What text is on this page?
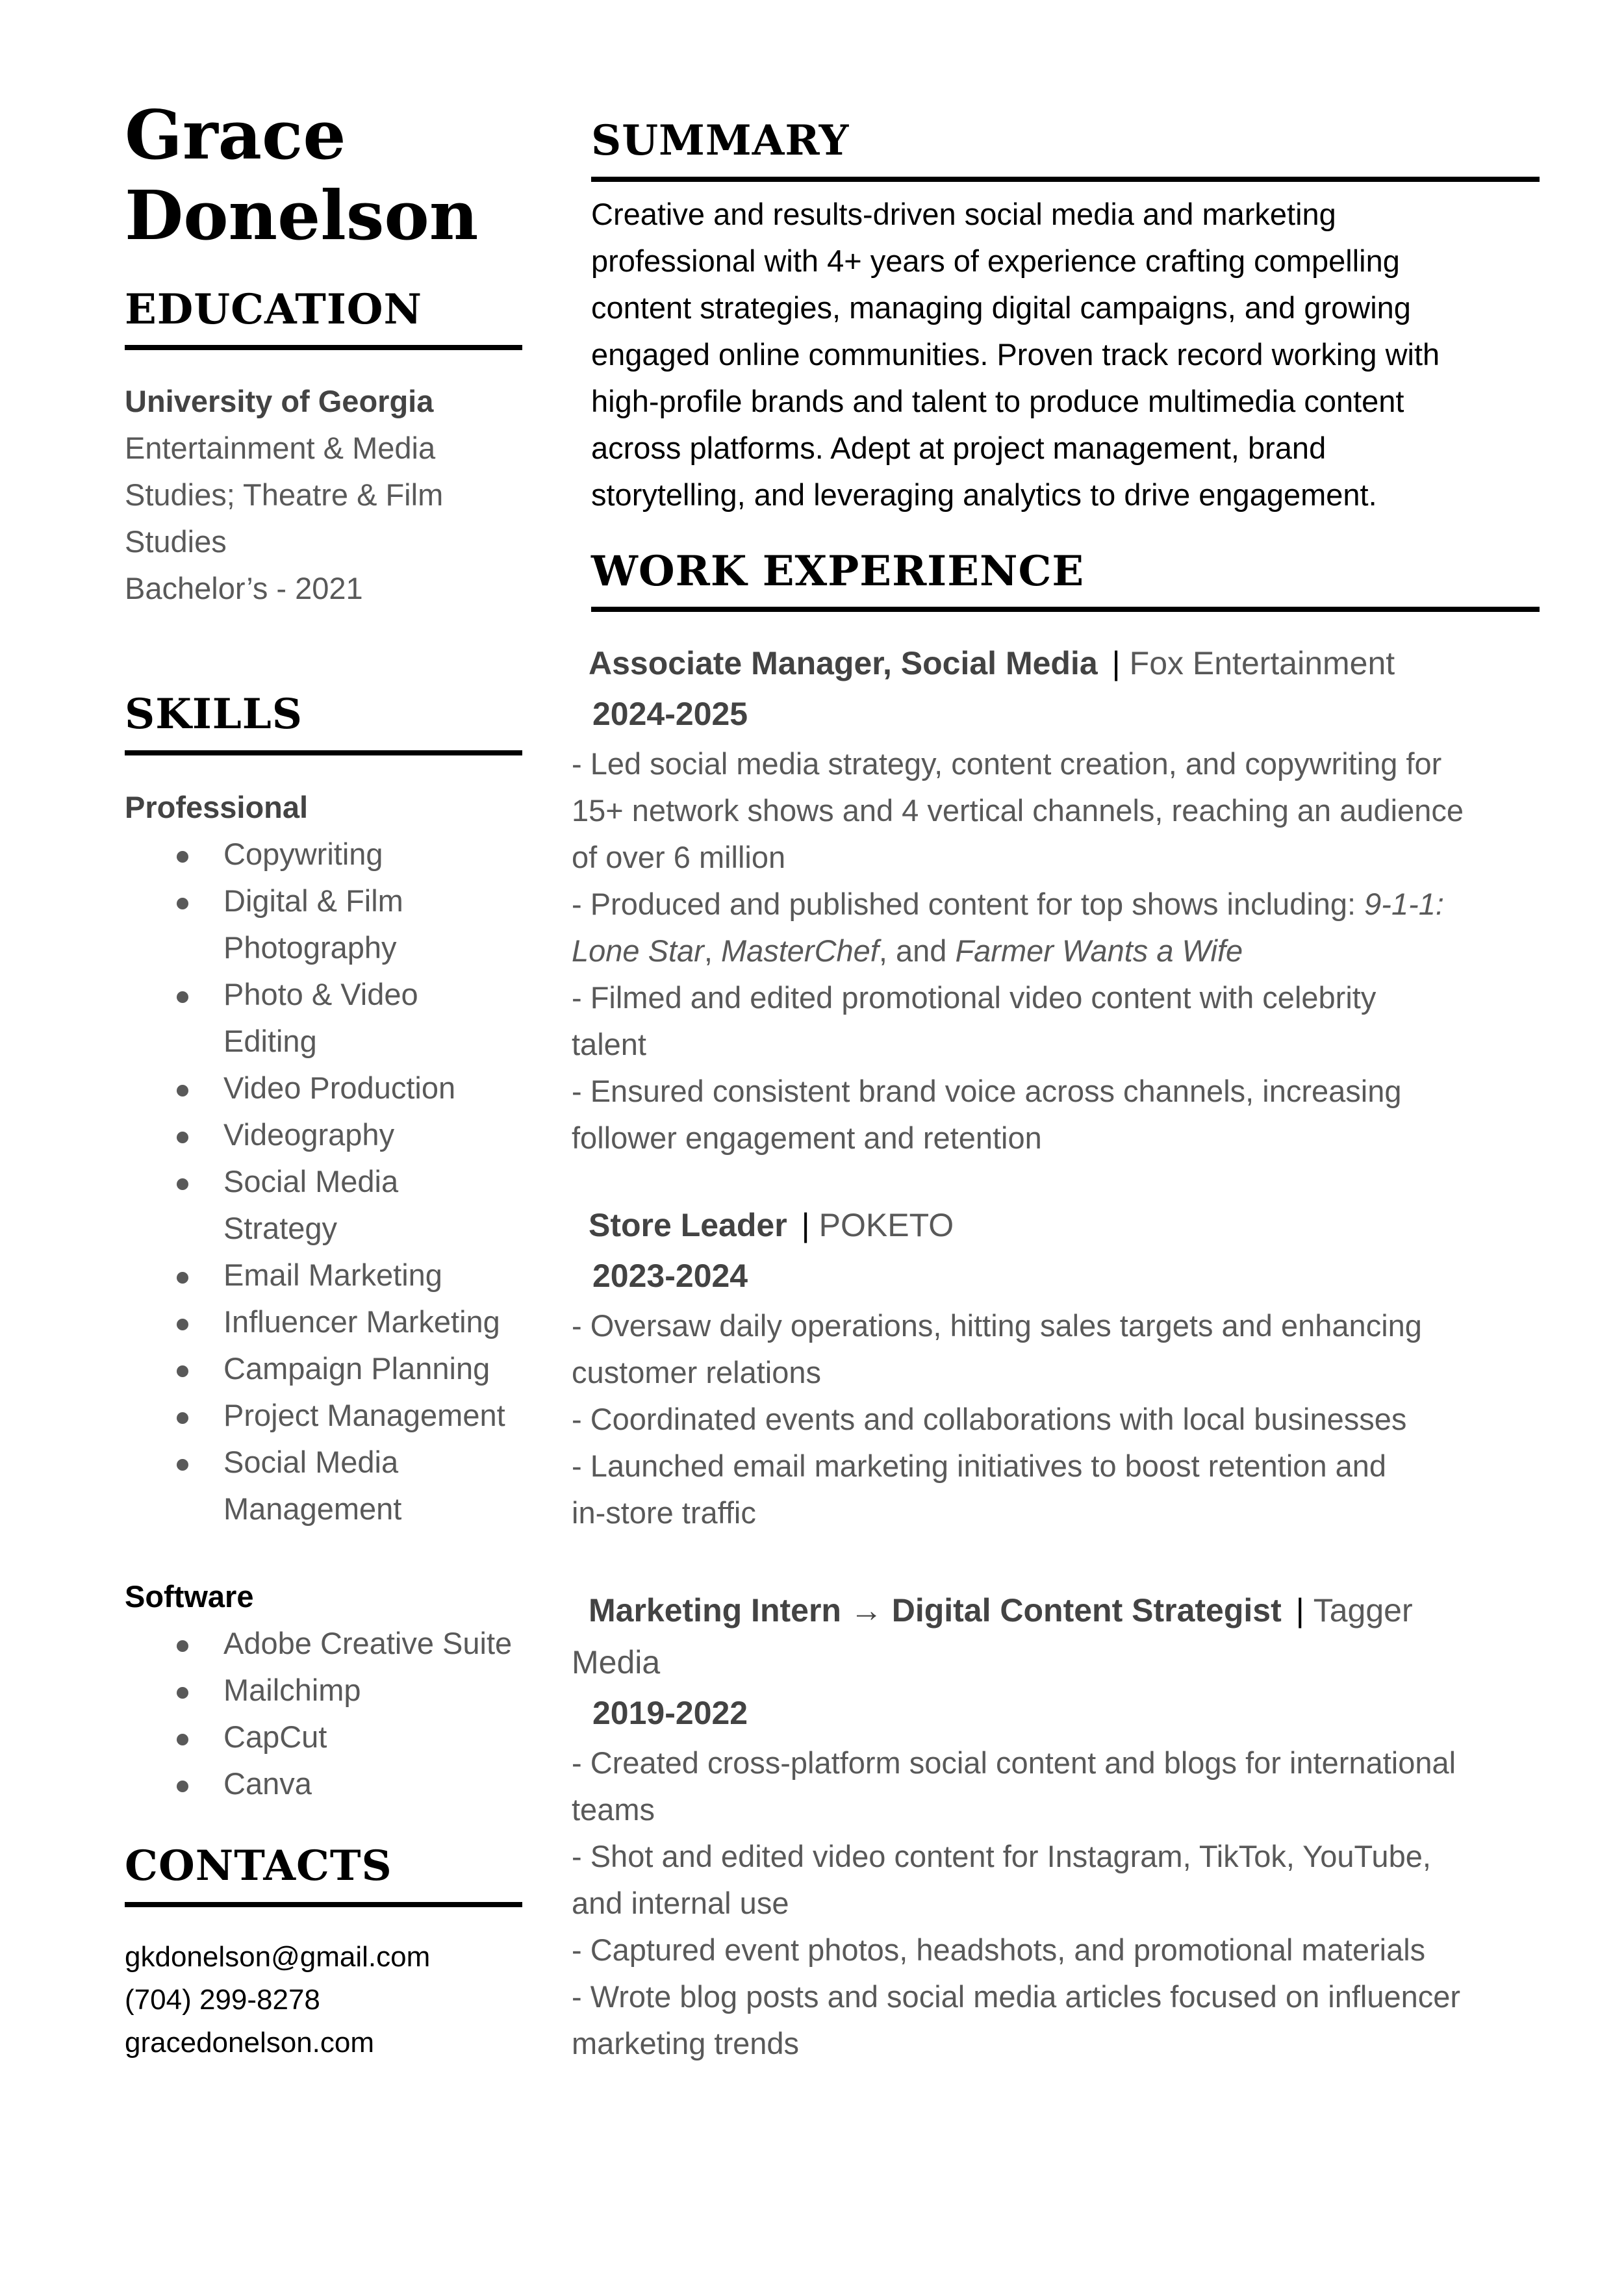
Grace
Donelson
EDUCATION
University of Georgia
Entertainment & Media
Studies; Theatre & Film
Studies
Bachelor’s - 2021
SKILLS
Professional
Copywriting
Digital & Film
Photography
Photo & Video
Editing
Video Production
Videography
Social Media
Strategy
Email Marketing
Influencer Marketing
Campaign Planning
Project Management
Social Media
Management
Software
Adobe Creative Suite
Mailchimp
CapCut
Canva
CONTACTS
gkdonelson@gmail.com
(704) 299-8278
gracedonelson.com
SUMMARY
Creative and results-driven social media and marketing
professional with 4+ years of experience crafting compelling
content strategies, managing digital campaigns, and growing
engaged online communities. Proven track record working with
high-profile brands and talent to produce multimedia content
across platforms. Adept at project management, brand
storytelling, and leveraging analytics to drive engagement.
WORK EXPERIENCE
Associate Manager, Social Media | Fox Entertainment
2024-2025
- Led social media strategy, content creation, and copywriting for
15+ network shows and 4 vertical channels, reaching an audience
of over 6 million
- Produced and published content for top shows including: 9-1-1:
Lone Star, MasterChef, and Farmer Wants a Wife
- Filmed and edited promotional video content with celebrity
talent
- Ensured consistent brand voice across channels, increasing
follower engagement and retention
Store Leader | POKETO
2023-2024
- Oversaw daily operations, hitting sales targets and enhancing
customer relations
- Coordinated events and collaborations with local businesses
- Launched email marketing initiatives to boost retention and
in-store traffic
Marketing Intern → Digital Content Strategist | Tagger
Media
2019-2022
- Created cross-platform social content and blogs for international
teams
- Shot and edited video content for Instagram, TikTok, YouTube,
and internal use
- Captured event photos, headshots, and promotional materials
- Wrote blog posts and social media articles focused on influencer
marketing trends
